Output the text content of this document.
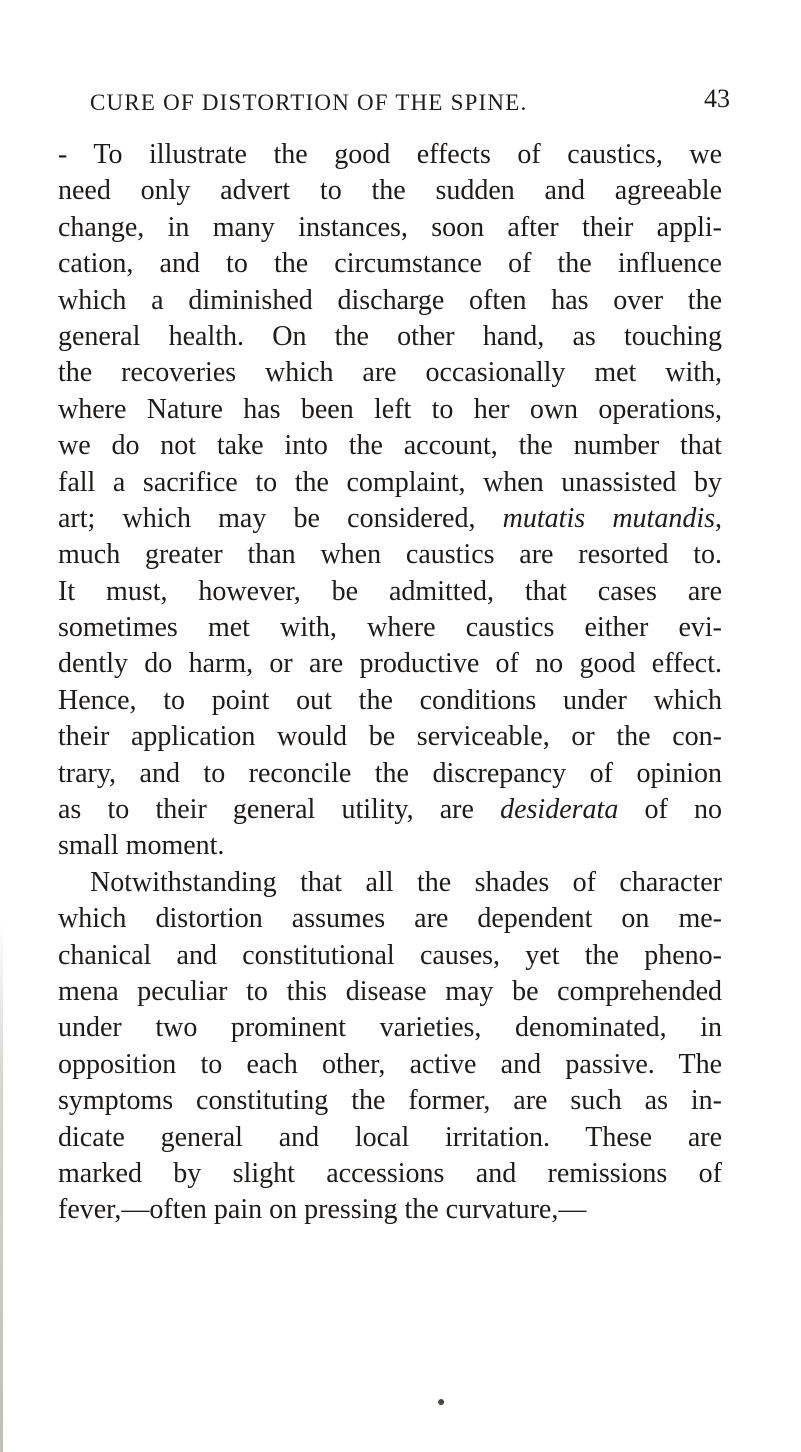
CURE OF DISTORTION OF THE SPINE.	43
- To illustrate the good effects of caustics, we
need only advert to the sudden and agreeable
change, in many instances, soon after their appli-
cation, and to the circumstance of the influence
which a diminished discharge often has over the
general health. On the other hand, as touching
the recoveries which are occasionally met with,
where Nature has been left to her own operations,
we do not take into the account, the number that
fall a sacrifice to the complaint, when unassisted by
art; which may be considered, mutatis mutandis,
much greater than when caustics are resorted to.
It must, however, be admitted, that cases are
sometimes met with, where caustics either evi-
dently do harm, or are productive of no good effect.
Hence, to point out the conditions under which
their application would be serviceable, or the con-
trary, and to reconcile the discrepancy of opinion
as to their general utility, are desiderata of no
small moment.
Notwithstanding that all the shades of character
which distortion assumes are dependent on me-
chanical and constitutional causes, yet the pheno-
mena peculiar to this disease may be comprehended
under two prominent varieties, denominated, in
opposition to each other, active and passive. The
symptoms constituting the former, are such as in-
dicate general and local irritation. These are
marked by slight accessions and remissions of
fever,—often pain on pressing the curvature,—
●
